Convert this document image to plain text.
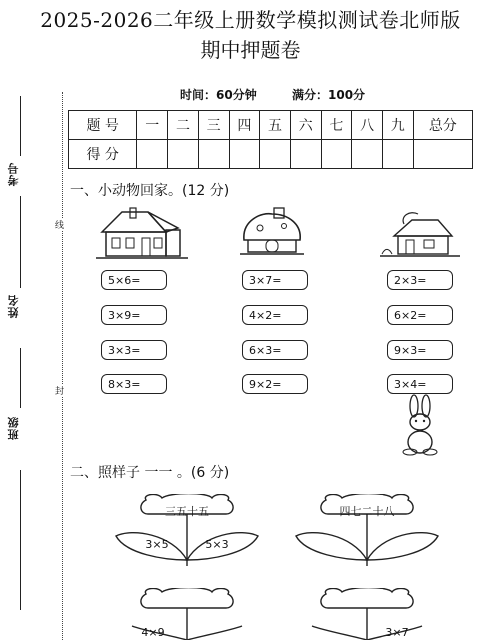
2025-2026二年级上册数学模拟测试卷北师版
期中押题卷
时间：60分钟	满分：100分
考号
姓名
班级
线
封
题 号	一	二	三	四	五	六	七	八	九	总分
得 分										
一、小动物回家。(12 分)
5×6=
3×9=
3×3=
8×3=
3×7=
4×2=
6×3=
9×2=
2×3=
6×2=
9×3=
3×4=
二、照样子 一一 。(6 分)
三五十五
3×5	5×3
四七二十八
4×9	3×7
